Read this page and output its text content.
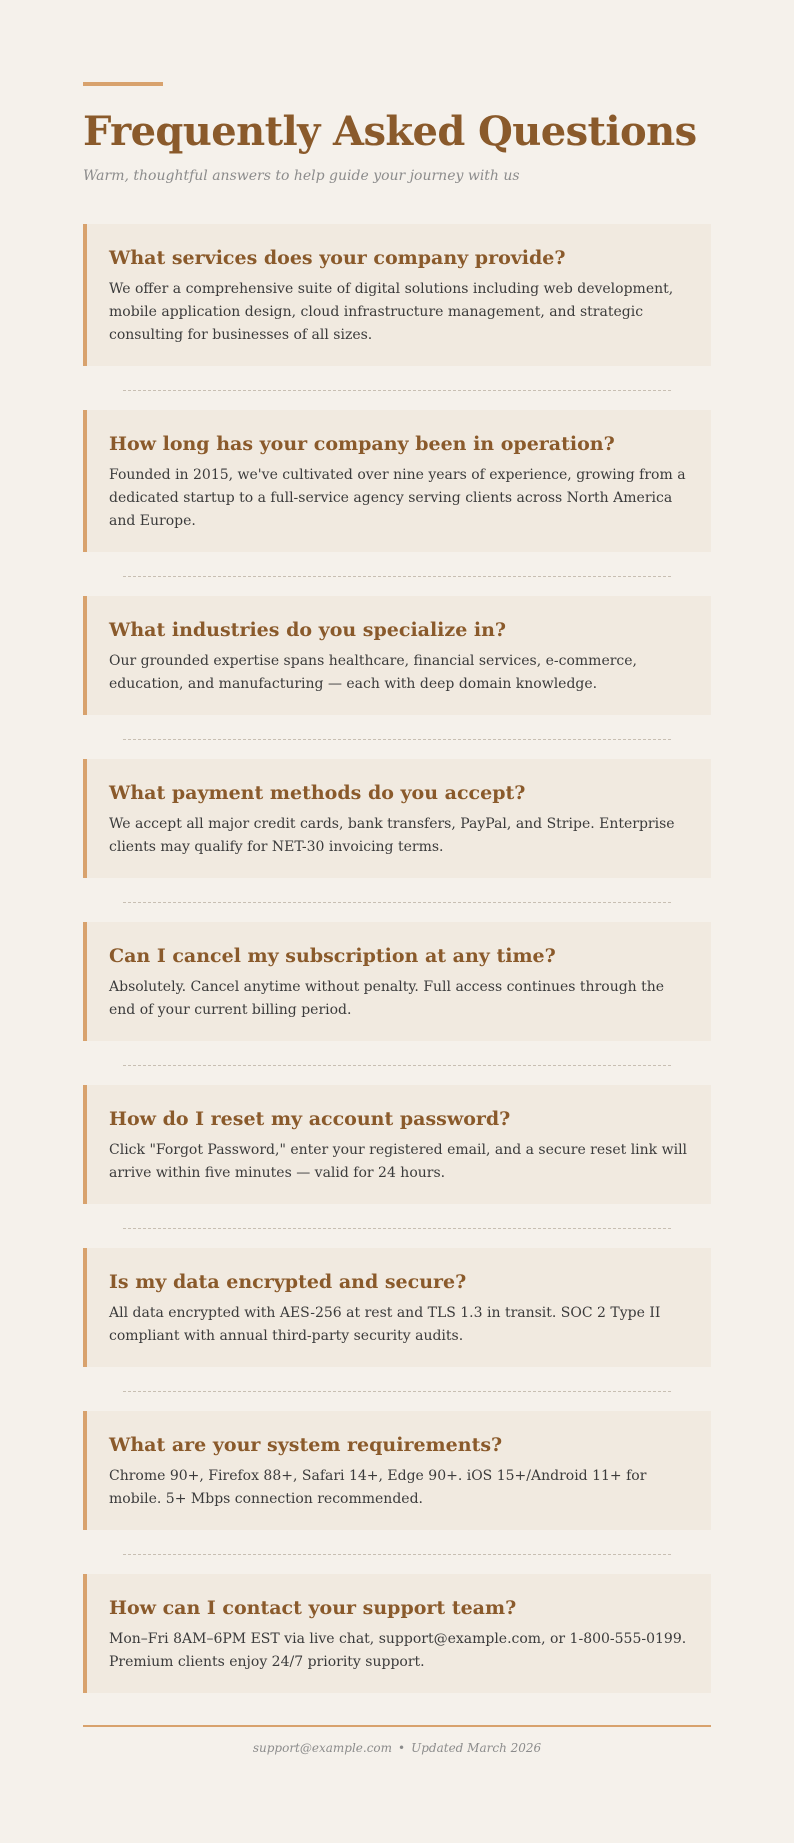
Frequently Asked Questions

Warm, thoughtful answers to help guide your journey with us

What services does your company provide?

We offer a comprehensive suite of digital solutions including web development, mobile application design, cloud infrastructure management, and strategic consulting for businesses of all sizes.

How long has your company been in operation?

Founded in 2015, we've cultivated over nine years of experience, growing from a dedicated startup to a full-service agency serving clients across North America and Europe.

What industries do you specialize in?

Our grounded expertise spans healthcare, financial services, e-commerce, education, and manufacturing — each with deep domain knowledge.

What payment methods do you accept?

We accept all major credit cards, bank transfers, PayPal, and Stripe. Enterprise clients may qualify for NET-30 invoicing terms.

Can I cancel my subscription at any time?

Absolutely. Cancel anytime without penalty. Full access continues through the end of your current billing period.

How do I reset my account password?

Click "Forgot Password," enter your registered email, and a secure reset link will arrive within five minutes — valid for 24 hours.

Is my data encrypted and secure?

All data encrypted with AES-256 at rest and TLS 1.3 in transit. SOC 2 Type II compliant with annual third-party security audits.

What are your system requirements?

Chrome 90+, Firefox 88+, Safari 14+, Edge 90+. iOS 15+/Android 11+ for mobile. 5+ Mbps connection recommended.

How can I contact your support team?

Mon–Fri 8AM–6PM EST via live chat, support@example.com, or 1-800-555-0199. Premium clients enjoy 24/7 priority support.

support@example.com • Updated March 2026
